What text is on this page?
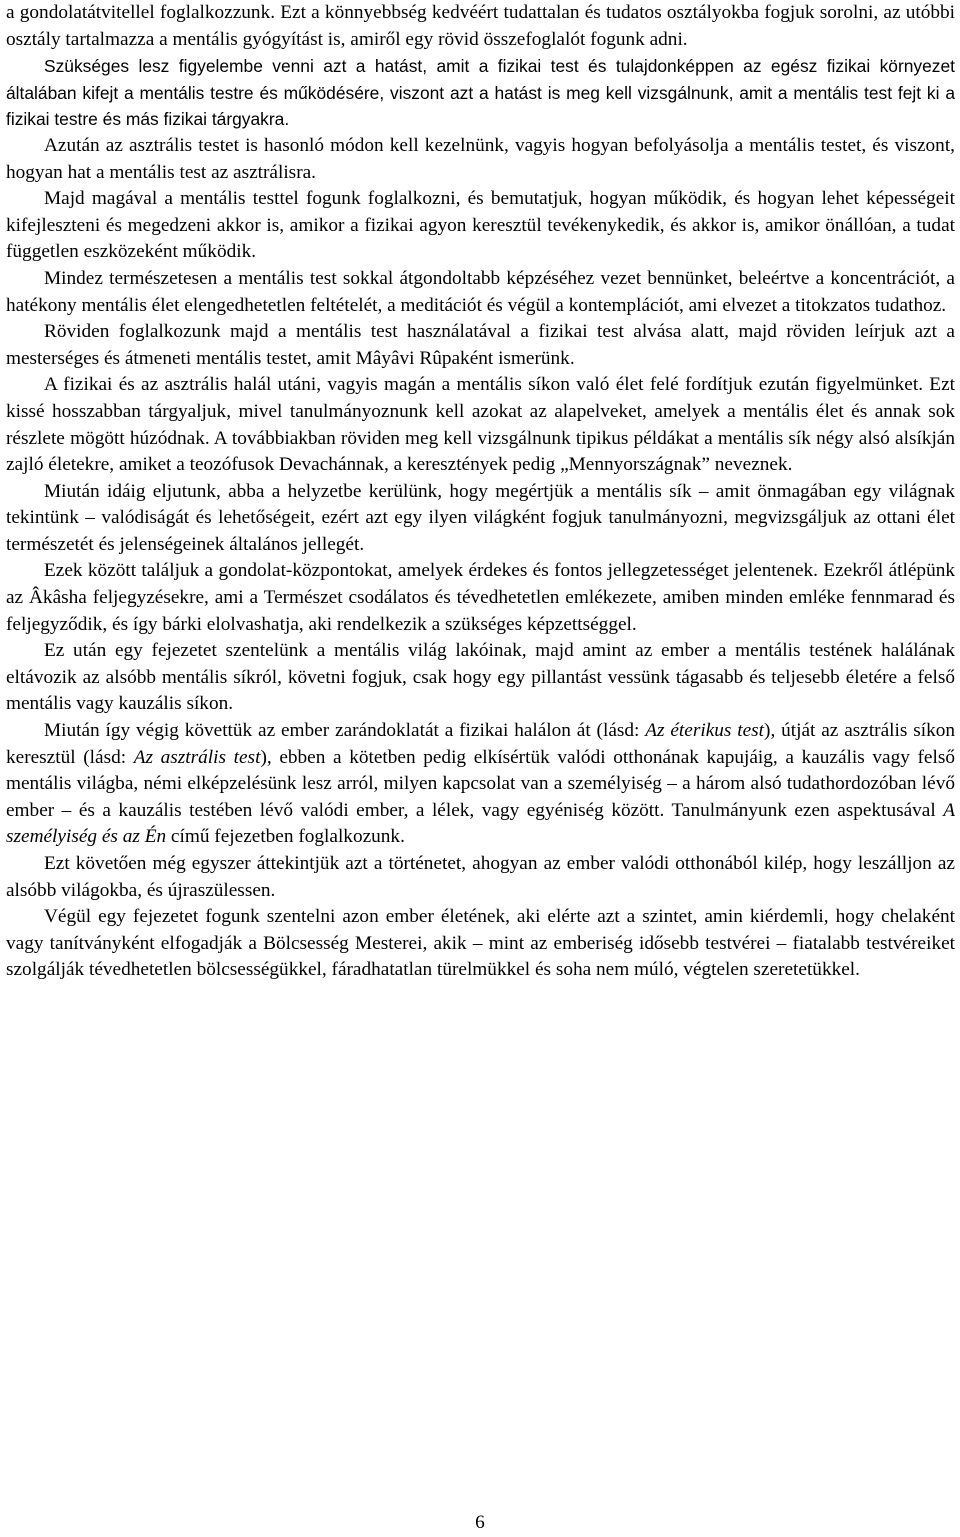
a gondolatátvitellel foglalkozzunk. Ezt a könnyebbség kedvéért tudattalan és tudatos osztályokba fogjuk sorolni, az utóbbi osztály tartalmazza a mentális gyógyítást is, amiről egy rövid összefoglalót fogunk adni.

Szükséges lesz figyelembe venni azt a hatást, amit a fizikai test és tulajdonképpen az egész fizikai környezet általában kifejt a mentális testre és működésére, viszont azt a hatást is meg kell vizsgálnunk, amit a mentális test fejt ki a fizikai testre és más fizikai tárgyakra.

Azután az asztrális testet is hasonló módon kell kezelnünk, vagyis hogyan befolyásolja a mentális testet, és viszont, hogyan hat a mentális test az asztrálisra.

Majd magával a mentális testtel fogunk foglalkozni, és bemutatjuk, hogyan működik, és hogyan lehet képességeit kifejleszteni és megedzeni akkor is, amikor a fizikai agyon keresztül tevékenykedik, és akkor is, amikor önállóan, a tudat független eszközeként működik.

Mindez természetesen a mentális test sokkal átgondoltabb képzéséhez vezet bennünket, beleértve a koncentrációt, a hatékony mentális élet elengedhetetlen feltételét, a meditációt és végül a kontemplációt, ami elvezet a titokzatos tudathoz.

Röviden foglalkozunk majd a mentális test használatával a fizikai test alvása alatt, majd röviden leírjuk azt a mesterséges és átmeneti mentális testet, amit Mâyâvi Rûpaként ismerünk.

A fizikai és az asztrális halál utáni, vagyis magán a mentális síkon való élet felé fordítjuk ezután figyelmünket. Ezt kissé hosszabban tárgyaljuk, mivel tanulmányoznunk kell azokat az alapelveket, amelyek a mentális élet és annak sok részlete mögött húzódnak. A továbbiakban röviden meg kell vizsgálnunk tipikus példákat a mentális sík négy alsó alsíkján zajló életekre, amiket a teozófusok Devachánnak, a keresztények pedig „Mennyországnak” neveznek.

Miután idáig eljutunk, abba a helyzetbe kerülünk, hogy megértjük a mentális sík – amit önmagában egy világnak tekintünk – valódiságát és lehetőségeit, ezért azt egy ilyen világként fogjuk tanulmányozni, megvizsgáljuk az ottani élet természetét és jelenségeinek általános jellegét.

Ezek között találjuk a gondolat-központokat, amelyek érdekes és fontos jellegzetességet jelentenek. Ezekről átlépünk az Âkâsha feljegyzésekre, ami a Természet csodálatos és tévedhetetlen emlékezete, amiben minden emléke fennmarad és feljegyződik, és így bárki elolvashatja, aki rendelkezik a szükséges képzettséggel.

Ez után egy fejezetet szentelünk a mentális világ lakóinak, majd amint az ember a mentális testének halálának eltávozik az alsóbb mentális síkról, követni fogjuk, csak hogy egy pillantást vessünk tágasabb és teljesebb életére a felső mentális vagy kauzális síkon.

Miután így végig követtük az ember zarándoklatát a fizikai halálon át (lásd: Az éterikus test), útját az asztrális síkon keresztül (lásd: Az asztrális test), ebben a kötetben pedig elkísértük valódi otthonának kapujáig, a kauzális vagy felső mentális világba, némi elképzelésünk lesz arról, milyen kapcsolat van a személyiség – a három alsó tudathordozóban lévő ember – és a kauzális testében lévő valódi ember, a lélek, vagy egyéniség között. Tanulmányunk ezen aspektusával A személyiség és az Én című fejezetben foglalkozunk.

Ezt követően még egyszer áttekintjük azt a történetet, ahogyan az ember valódi otthonából kilép, hogy leszálljon az alsóbb világokba, és újraszülessen.

Végül egy fejezetet fogunk szentelni azon ember életének, aki elérte azt a szintet, amin kiérdemli, hogy chelaként vagy tanítványként elfogadják a Bölcsesség Mesterei, akik – mint az emberiség idősebb testvérei – fiatalabb testvéreiket szolgálják tévedhetetlen bölcsességükkel, fáradhatatlan türelmükkel és soha nem múló, végtelen szeretetükkel.

6
